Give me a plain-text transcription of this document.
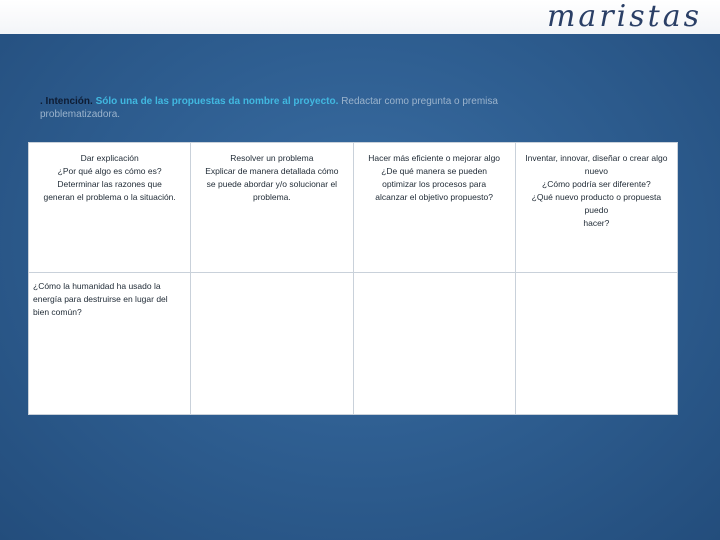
maristas
. Intención. Sólo una de las propuestas da nombre al proyecto. Redactar como pregunta o premisa problematizadora.
Dar explicación
¿Por qué algo es cómo es?
Determinar las razones que
generan el problema o la situación.	Resolver un problema
Explicar de manera detallada cómo
se puede abordar y/o solucionar el
problema.	Hacer más eficiente o mejorar algo
¿De qué manera se pueden
optimizar los procesos para
alcanzar el objetivo propuesto?	Inventar, innovar, diseñar o crear algo
nuevo
¿Cómo podría ser diferente?
¿Qué nuevo producto o propuesta puedo
hacer?

¿Cómo la humanidad ha usado la
energía para destruirse en lugar del
bien común?			
